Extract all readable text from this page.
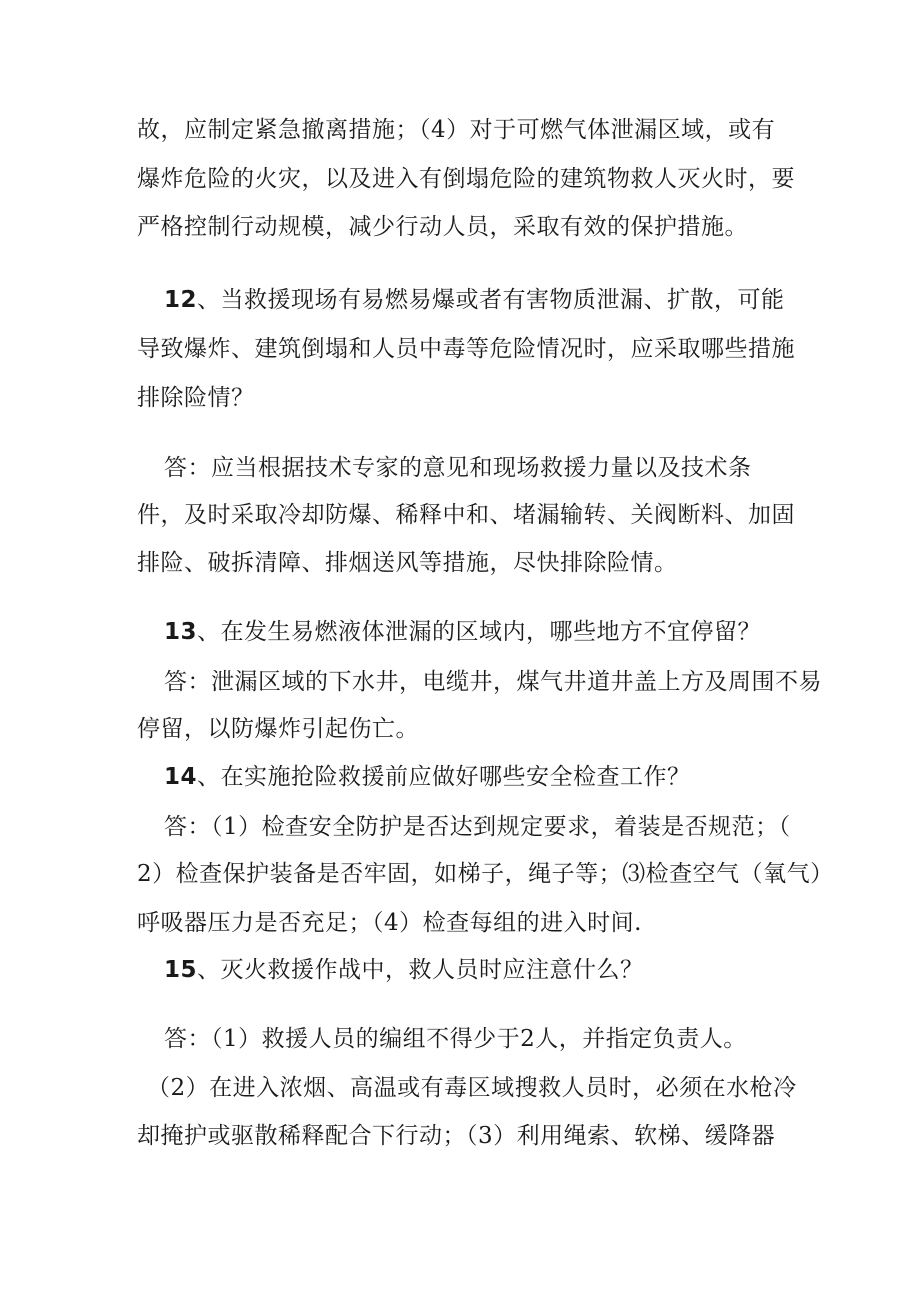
故，应制定紧急撤离措施；（4）对于可燃气体泄漏区域，或有
爆炸危险的火灾，以及进入有倒塌危险的建筑物救人灭火时，要
严格控制行动规模，减少行动人员，采取有效的保护措施。
12、当救援现场有易燃易爆或者有害物质泄漏、扩散，可能
导致爆炸、建筑倒塌和人员中毒等危险情况时，应采取哪些措施
排除险情？
答：应当根据技术专家的意见和现场救援力量以及技术条
件，及时采取冷却防爆、稀释中和、堵漏输转、关阀断料、加固
排险、破拆清障、排烟送风等措施，尽快排除险情。
13、在发生易燃液体泄漏的区域内，哪些地方不宜停留？
答：泄漏区域的下水井，电缆井，煤气井道井盖上方及周围不易
停留，以防爆炸引起伤亡。
14、在实施抢险救援前应做好哪些安全检查工作？
答：（1）检查安全防护是否达到规定要求，着装是否规范；（
2）检查保护装备是否牢固，如梯子，绳子等；⑶检查空气（氧气）
呼吸器压力是否充足；（4）检查每组的进入时间.
15、灭火救援作战中，救人员时应注意什么？
答：（1）救援人员的编组不得少于2人，并指定负责人。
（2）在进入浓烟、高温或有毒区域搜救人员时，必须在水枪冷
却掩护或驱散稀释配合下行动；（3）利用绳索、软梯、缓降器
